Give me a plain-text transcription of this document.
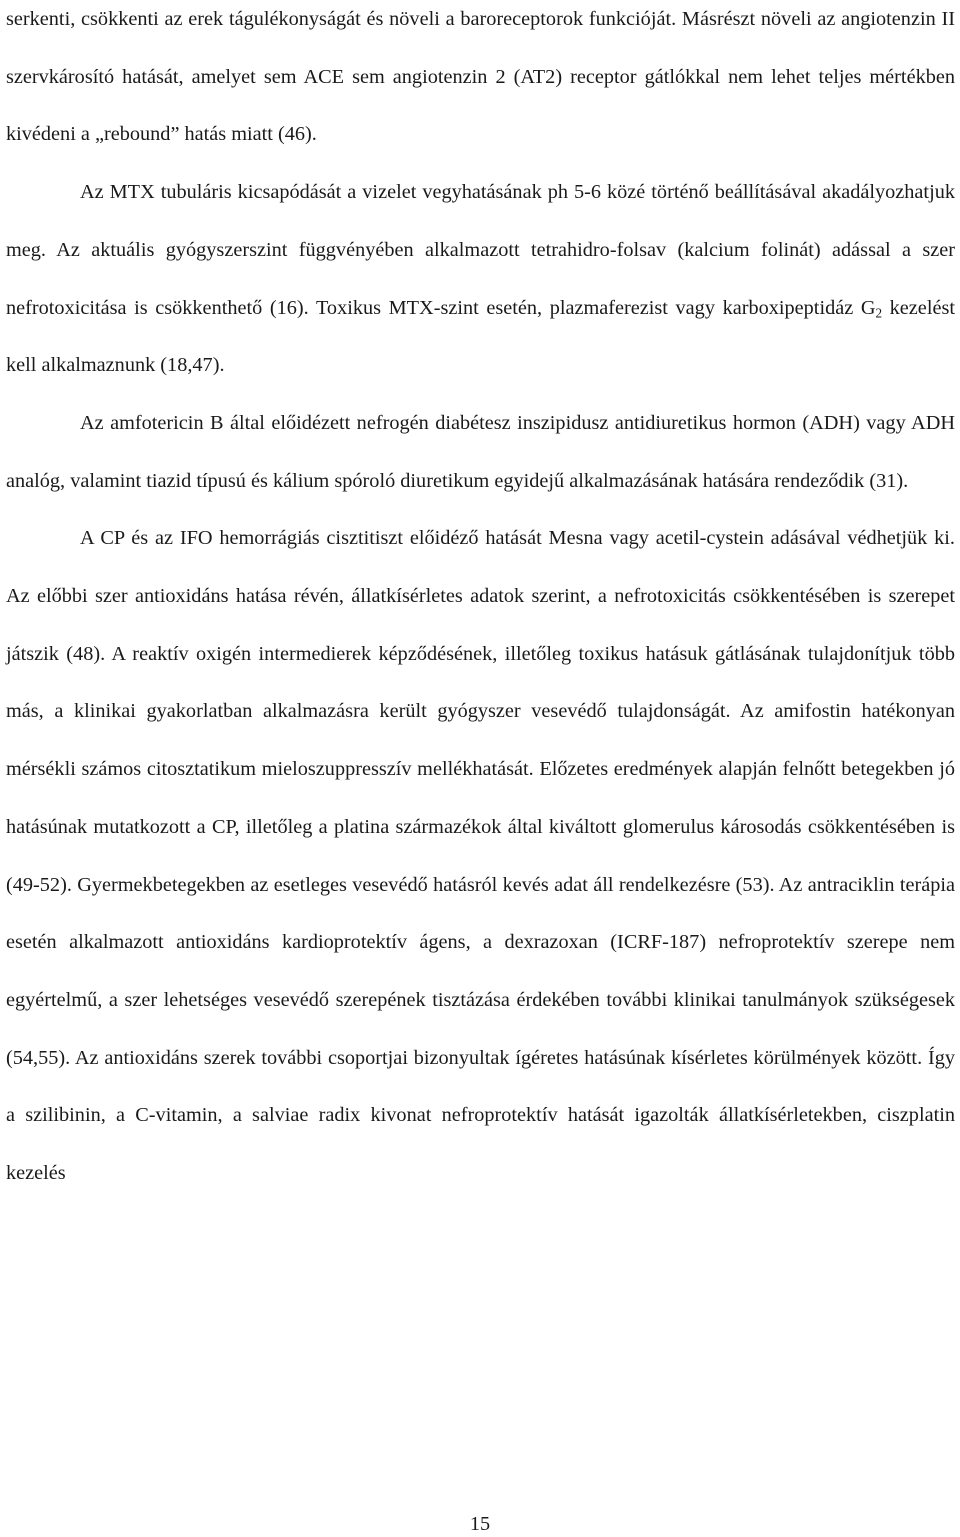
serkenti, csökkenti az erek tágulékonyságát és növeli a baroreceptorok funkcióját. Másrészt növeli az angiotenzin II szervkárosító hatását, amelyet sem ACE sem angiotenzin 2 (AT2) receptor gátlókkal nem lehet teljes mértékben kivédeni a „rebound” hatás miatt (46).

Az MTX tubuláris kicsapódását a vizelet vegyhatásának ph 5-6 közé történő beállításával akadályozhatjuk meg. Az aktuális gyógyszerszint függvényében alkalmazott tetrahidro-folsav (kalcium folinát) adással a szer nefrotoxicitása is csökkenthető (16). Toxikus MTX-szint esetén, plazmaferezist vagy karboxipeptidáz $G_2$ kezelést kell alkalmaznunk (18,47).

Az amfotericin B által előidézett nefrogén diabétesz inszipidusz antidiuretikus hormon (ADH) vagy ADH analóg, valamint tiazid típusú és kálium spóroló diuretikum egyidejű alkalmazásának hatására rendeződik (31).

A CP és az IFO hemorrágiás cisztitiszt előidéző hatását Mesna vagy acetil-cystein adásával védhetjük ki. Az előbbi szer antioxidáns hatása révén, állatkísérletes adatok szerint, a nefrotoxicitás csökkentésében is szerepet játszik (48). A reaktív oxigén intermedierek képződésének, illetőleg toxikus hatásuk gátlásának tulajdonítjuk több más, a klinikai gyakorlatban alkalmazásra került gyógyszer vesevédő tulajdonságát. Az amifostin hatékonyan mérsékli számos citosztatikum mieloszuppresszív mellékhatását. Előzetes eredmények alapján felnőtt betegekben jó hatásúnak mutatkozott a CP, illetőleg a platina származékok által kiváltott glomerulus károsodás csökkentésében is (49-52). Gyermekbetegekben az esetleges vesevédő hatásról kevés adat áll rendelkezésre (53). Az antraciklin terápia esetén alkalmazott antioxidáns kardioprotektív ágens, a dexrazoxan (ICRF-187) nefroprotektív szerepe nem egyértelmű, a szer lehetséges vesevédő szerepének tisztázása érdekében további klinikai tanulmányok szükségesek (54,55). Az antioxidáns szerek további csoportjai bizonyultak ígéretes hatásúnak kísérletes körülmények között. Így a szilibinin, a C-vitamin, a salviae radix kivonat nefroprotektív hatását igazolták állatkísérletekben, ciszplatin kezelés

15
